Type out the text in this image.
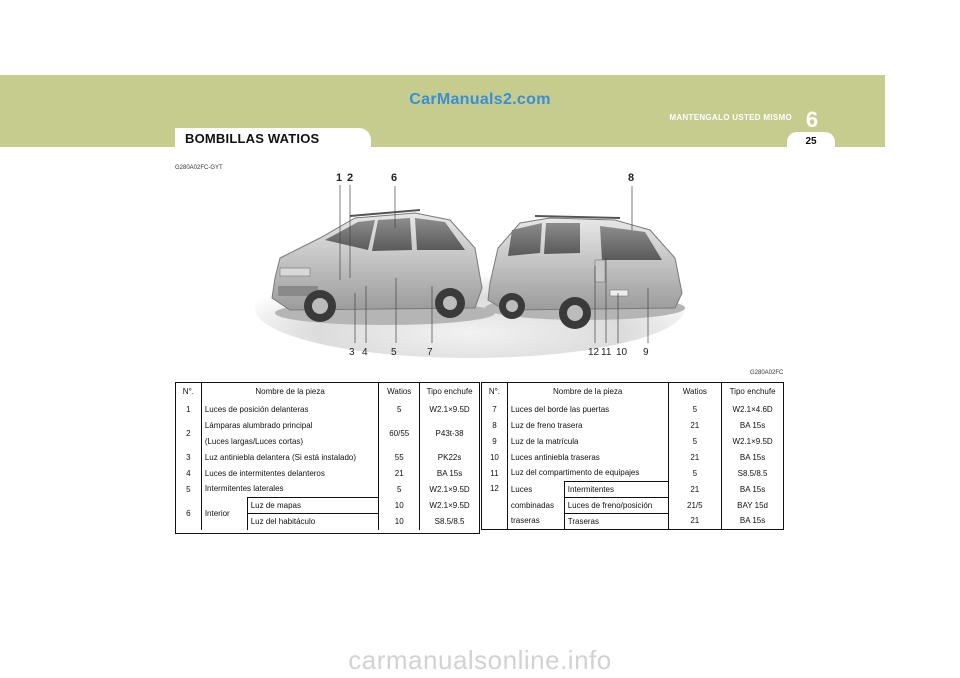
CarManuals2.com
MANTENGALO USTED MISMO 6
25
BOMBILLAS WATIOS
G280A02FC-GYT
1 2	6	8
3 4 5	7	12 11 10 9
G280A02FC
N°.	Nombre de la pieza		Watios	Tipo enchufe
1	Luces de posición delanteras		5	W2.1×9.5D
2	Lámparas alumbrado principal		60/55	P43t-38
	(Luces largas/Luces cortas)			
3	Luz antiniebla delantera (Si está instalado)		55	PK22s
4	Luces de intermitentes delanteros		21	BA 15s
5	Intermitentes laterales		5	W2.1×9.5D
6	Interior	Luz de mapas	10	W2.1×9.5D
		Luz del habitáculo	10	S8.5/8.5

N°.	Nombre de la pieza		Watios	Tipo enchufe
7	Luces del borde las puertas		5	W2.1×4.6D
8	Luz de freno trasera		21	BA 15s
9	Luz de la matrícula		5	W2.1×9.5D
10	Luces antiniebla traseras		21	BA 15s
11	Luz del compartimento de equipajes		5	S8.5/8.5
12	Luces	Intermitentes	21	BA 15s
	combinadas	Luces de freno/posición	21/5	BAY 15d
	traseras	Traseras	21	BA 15s
carmanualsonline.info
